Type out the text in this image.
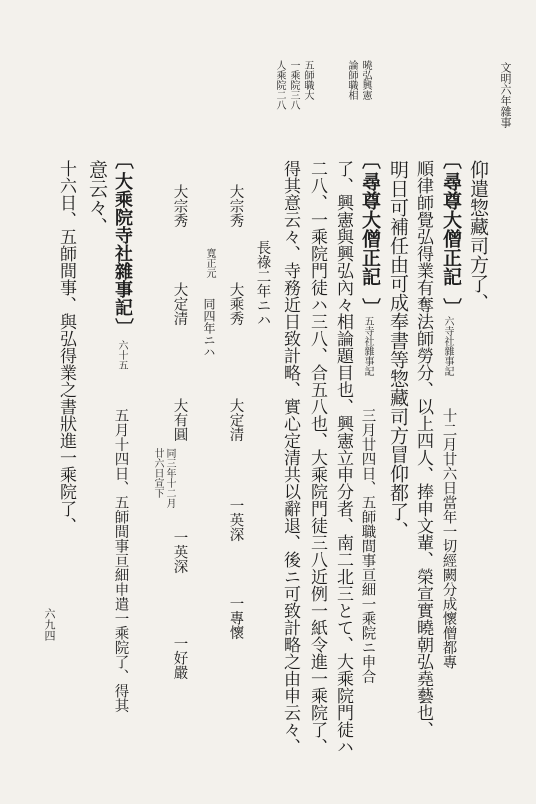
文明六年雜事
六九四
曉弘興憲
論師職相
五師職大
一乘院三八
人乘院二八
仰遣惣藏司方了、
〔
尋尊大僧正記
〕
六寺社雜事記
十二月廿六日當年一切經闕分成懷僧都專
順律師覺弘得業有奪法師勞分、以上四人、捧申文輩、榮宣實曉朝弘堯藝也、
明日可補任由可成奉書等惣藏司方冒仰都了、
〔
尋尊大僧正記
〕
五寺社雜事記
三月廿四日、五師職間事亘細一乘院ニ申合
了、興憲與興弘內々相論題目也、興憲立申分者、南二北三とて、大乘院門徒ハ
二八、一乘院門徒ハ三八、合五八也、大乘院門徒三八近例一紙令進一乘院了、
得其意云々、寺務近日致計略、實心定清共以辭退、後ニ可致計略之由申云々、
長祿二年ニハ
大宗秀
大乘秀
大定清
一英深
一專懷
寬正元
同四年ニハ
大宗秀
大定清
大有圓
同三年十二月
廿六日宣下
一英深
一好嚴
〔
大乘院寺社雜事記
〕
六十五
五月十四日、五師間事亘細申遣一乘院了、得其
意云々、
十六日、五師間事、與弘得業之書狀進一乘院了、
